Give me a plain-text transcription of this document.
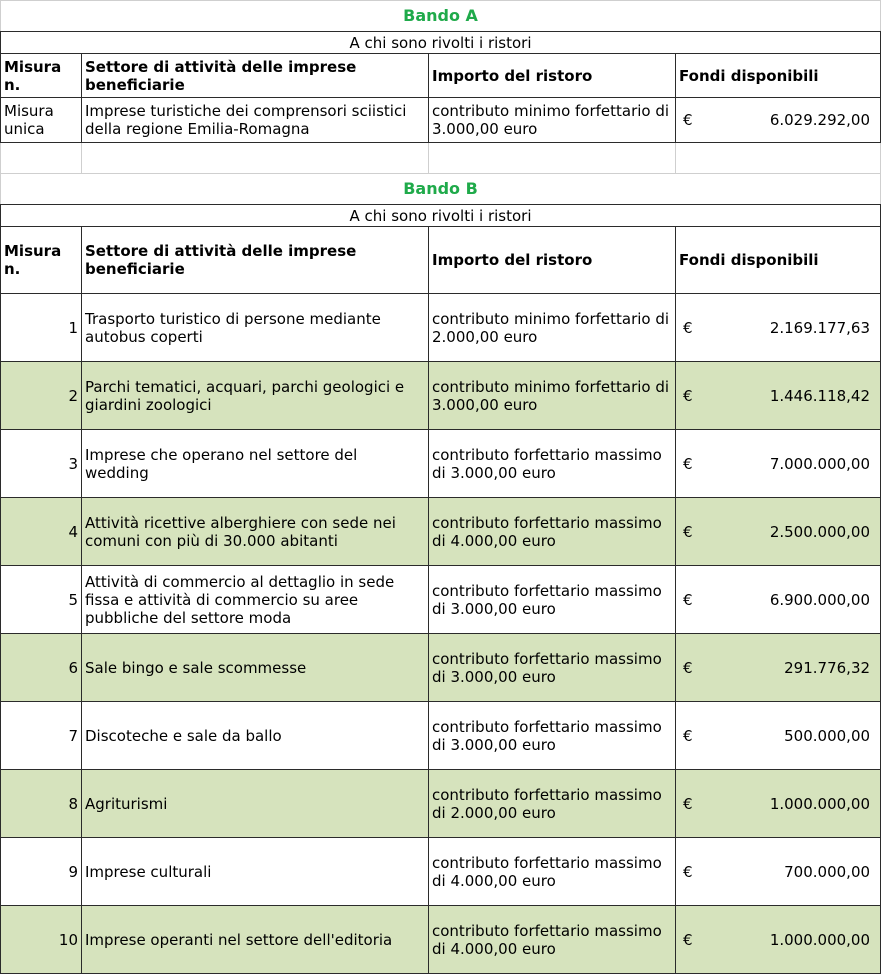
Bando A			
A chi sono rivolti i ristori			
Misura n.	Settore di attività delle imprese beneficiarie	Importo del ristoro	Fondi disponibili
Misura unica	Imprese turistiche dei comprensori sciistici della regione Emilia-Romagna	contributo minimo forfettario di 3.000,00 euro	€ 6.029.292,00

Bando B			
A chi sono rivolti i ristori			
Misura n.	Settore di attività delle imprese beneficiarie	Importo del ristoro	Fondi disponibili
1	Trasporto turistico di persone mediante autobus coperti	contributo minimo forfettario di 2.000,00 euro	€ 2.169.177,63

2	Parchi tematici, acquari, parchi geologici e giardini zoologici	contributo minimo forfettario di 3.000,00 euro	€ 1.446.118,42

3	Imprese che operano nel settore del wedding	contributo forfettario massimo di 3.000,00 euro	€ 7.000.000,00

4	Attività ricettive alberghiere con sede nei comuni con più di 30.000 abitanti	contributo forfettario massimo di 4.000,00 euro	€ 2.500.000,00

5	Attività di commercio al dettaglio in sede fissa e attività di commercio su aree pubbliche del settore moda	contributo forfettario massimo di 3.000,00 euro	€ 6.900.000,00

6	Sale bingo e sale scommesse	contributo forfettario massimo di 3.000,00 euro	€ 291.776,32

7	Discoteche e sale da ballo	contributo forfettario massimo di 3.000,00 euro	€ 500.000,00

8	Agriturismi	contributo forfettario massimo di 2.000,00 euro	€ 1.000.000,00

9	Imprese culturali	contributo forfettario massimo di 4.000,00 euro	€ 700.000,00

10	Imprese operanti nel settore dell'editoria	contributo forfettario massimo di 4.000,00 euro	€ 1.000.000,00
